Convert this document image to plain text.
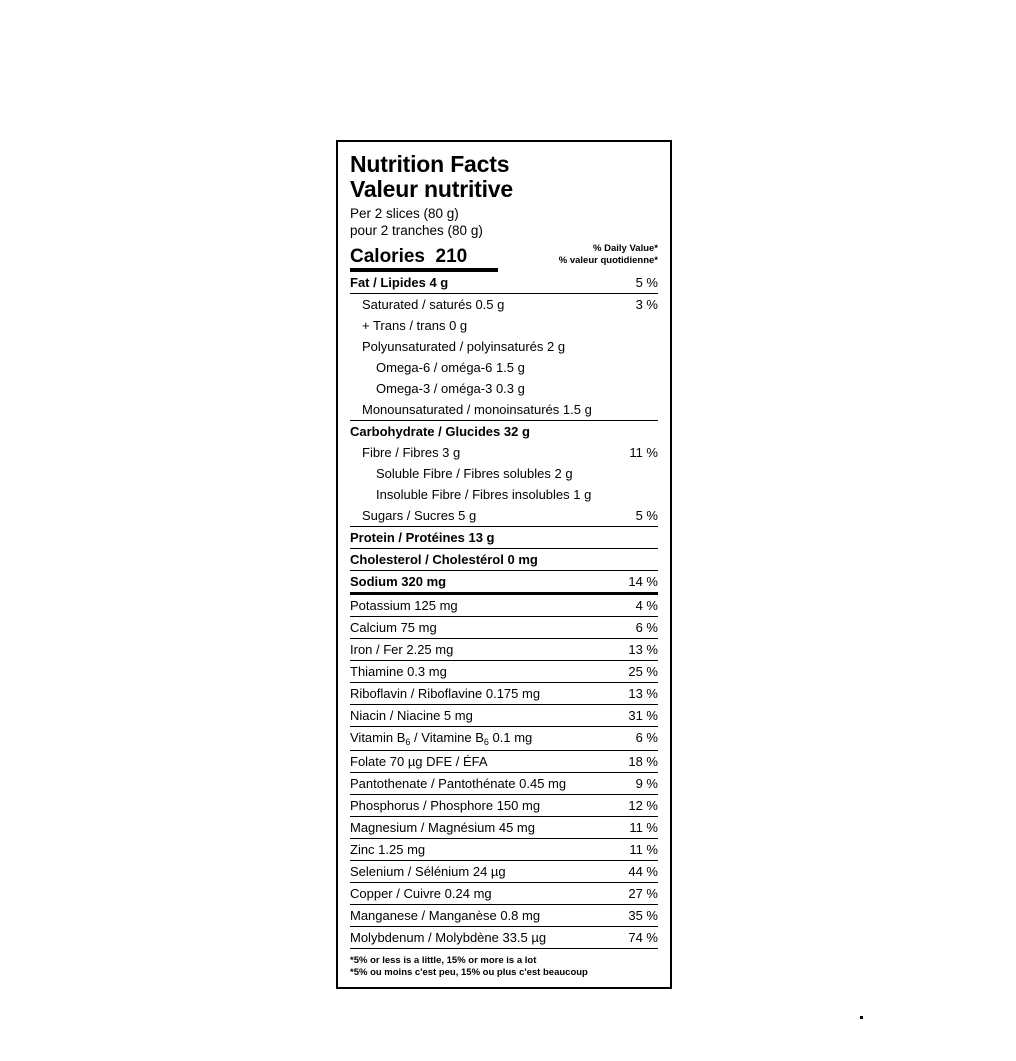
Nutrition Facts
Valeur nutritive
Per 2 slices (80 g)
pour 2 tranches (80 g)
Calories  210	% Daily Value*
% valeur quotidienne*
Fat / Lipides 4 g	5 %
Saturated / saturés 0.5 g	3 %
+ Trans / trans 0 g
Polyunsaturated / polyinsaturés 2 g
Omega-6 / oméga-6 1.5 g
Omega-3 / oméga-3 0.3 g
Monounsaturated / monoinsaturés 1.5 g
Carbohydrate / Glucides 32 g
Fibre / Fibres 3 g	11 %
Soluble Fibre / Fibres solubles 2 g
Insoluble Fibre / Fibres insolubles 1 g
Sugars / Sucres 5 g	5 %
Protein / Protéines 13 g
Cholesterol / Cholestérol 0 mg
Sodium 320 mg	14 %
Potassium 125 mg	4 %
Calcium 75 mg	6 %
Iron / Fer 2.25 mg	13 %
Thiamine 0.3 mg	25 %
Riboflavin / Riboflavine 0.175 mg	13 %
Niacin / Niacine 5 mg	31 %
Vitamin $B_6$ / Vitamine $B_6$ 0.1 mg	6 %
Folate 70 µg DFE / ÉFA	18 %
Pantothenate / Pantothénate 0.45 mg	9 %
Phosphorus / Phosphore 150 mg	12 %
Magnesium / Magnésium 45 mg	11 %
Zinc 1.25 mg	11 %
Selenium / Sélénium 24 µg	44 %
Copper / Cuivre 0.24 mg	27 %
Manganese / Manganèse 0.8 mg	35 %
Molybdenum / Molybdène 33.5 µg	74 %
*5% or less is a little, 15% or more is a lot
*5% ou moins c'est peu, 15% ou plus c'est beaucoup
